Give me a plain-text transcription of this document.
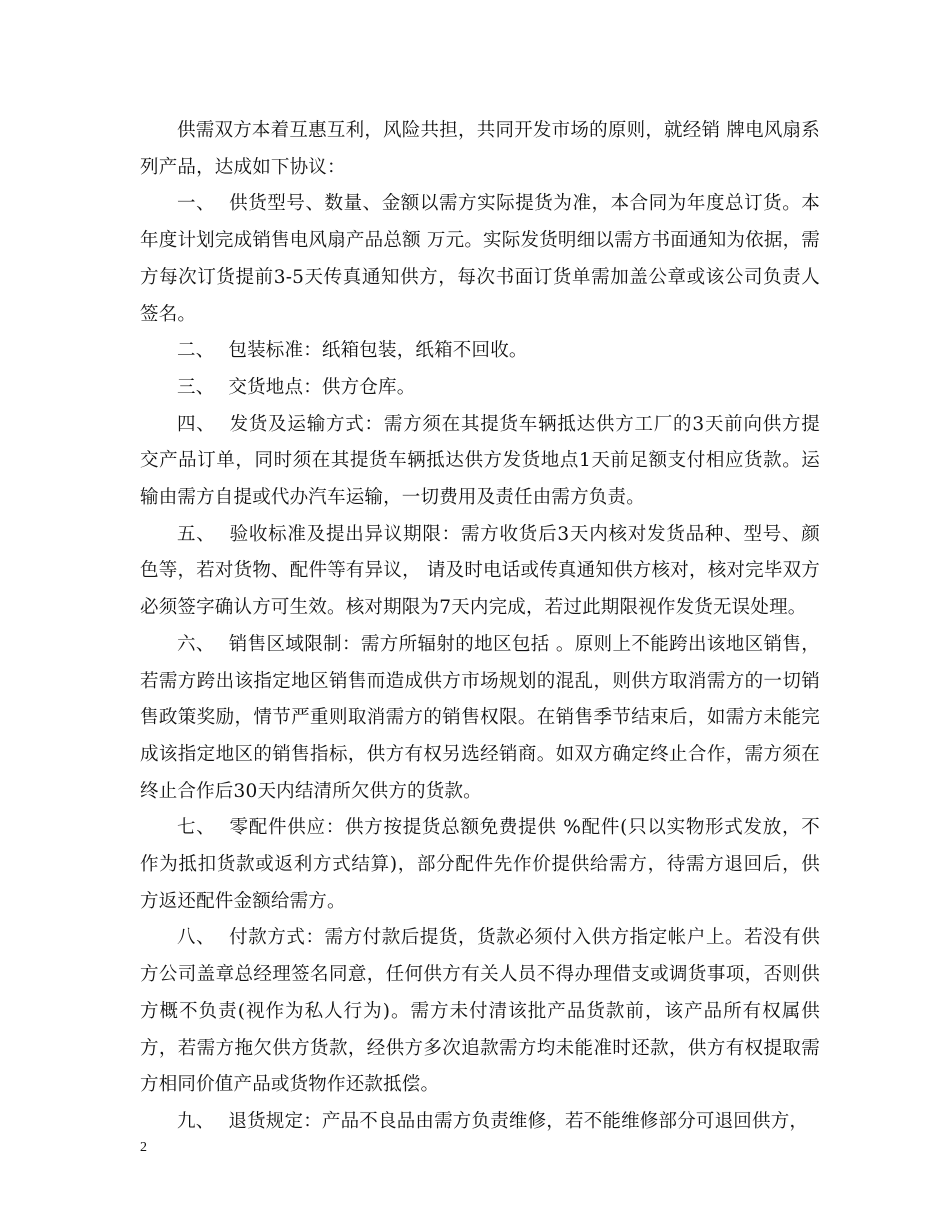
供需双方本着互惠互利，风险共担，共同开发市场的原则，就经销 牌电风扇系列产品，达成如下协议：

一、 供货型号、数量、金额以需方实际提货为准，本合同为年度总订货。本年度计划完成销售电风扇产品总额 万元。实际发货明细以需方书面通知为依据，需方每次订货提前3-5天传真通知供方，每次书面订货单需加盖公章或该公司负责人签名。

二、 包装标准：纸箱包装，纸箱不回收。

三、 交货地点：供方仓库。

四、 发货及运输方式：需方须在其提货车辆抵达供方工厂的3天前向供方提交产品订单，同时须在其提货车辆抵达供方发货地点1天前足额支付相应货款。运输由需方自提或代办汽车运输，一切费用及责任由需方负责。

五、 验收标准及提出异议期限：需方收货后3天内核对发货品种、型号、颜色等，若对货物、配件等有异议， 请及时电话或传真通知供方核对，核对完毕双方必须签字确认方可生效。核对期限为7天内完成，若过此期限视作发货无误处理。

六、 销售区域限制：需方所辐射的地区包括 。原则上不能跨出该地区销售，若需方跨出该指定地区销售而造成供方市场规划的混乱，则供方取消需方的一切销售政策奖励，情节严重则取消需方的销售权限。在销售季节结束后，如需方未能完成该指定地区的销售指标，供方有权另选经销商。如双方确定终止合作，需方须在终止合作后30天内结清所欠供方的货款。

七、 零配件供应：供方按提货总额免费提供 %配件(只以实物形式发放，不作为抵扣货款或返利方式结算)，部分配件先作价提供给需方，待需方退回后，供方返还配件金额给需方。

八、 付款方式：需方付款后提货，货款必须付入供方指定帐户上。若没有供方公司盖章总经理签名同意，任何供方有关人员不得办理借支或调货事项，否则供方概不负责(视作为私人行为)。需方未付清该批产品货款前，该产品所有权属供方，若需方拖欠供方货款，经供方多次追款需方均未能准时还款，供方有权提取需方相同价值产品或货物作还款抵偿。

九、 退货规定：产品不良品由需方负责维修，若不能维修部分可退回供方，

2
